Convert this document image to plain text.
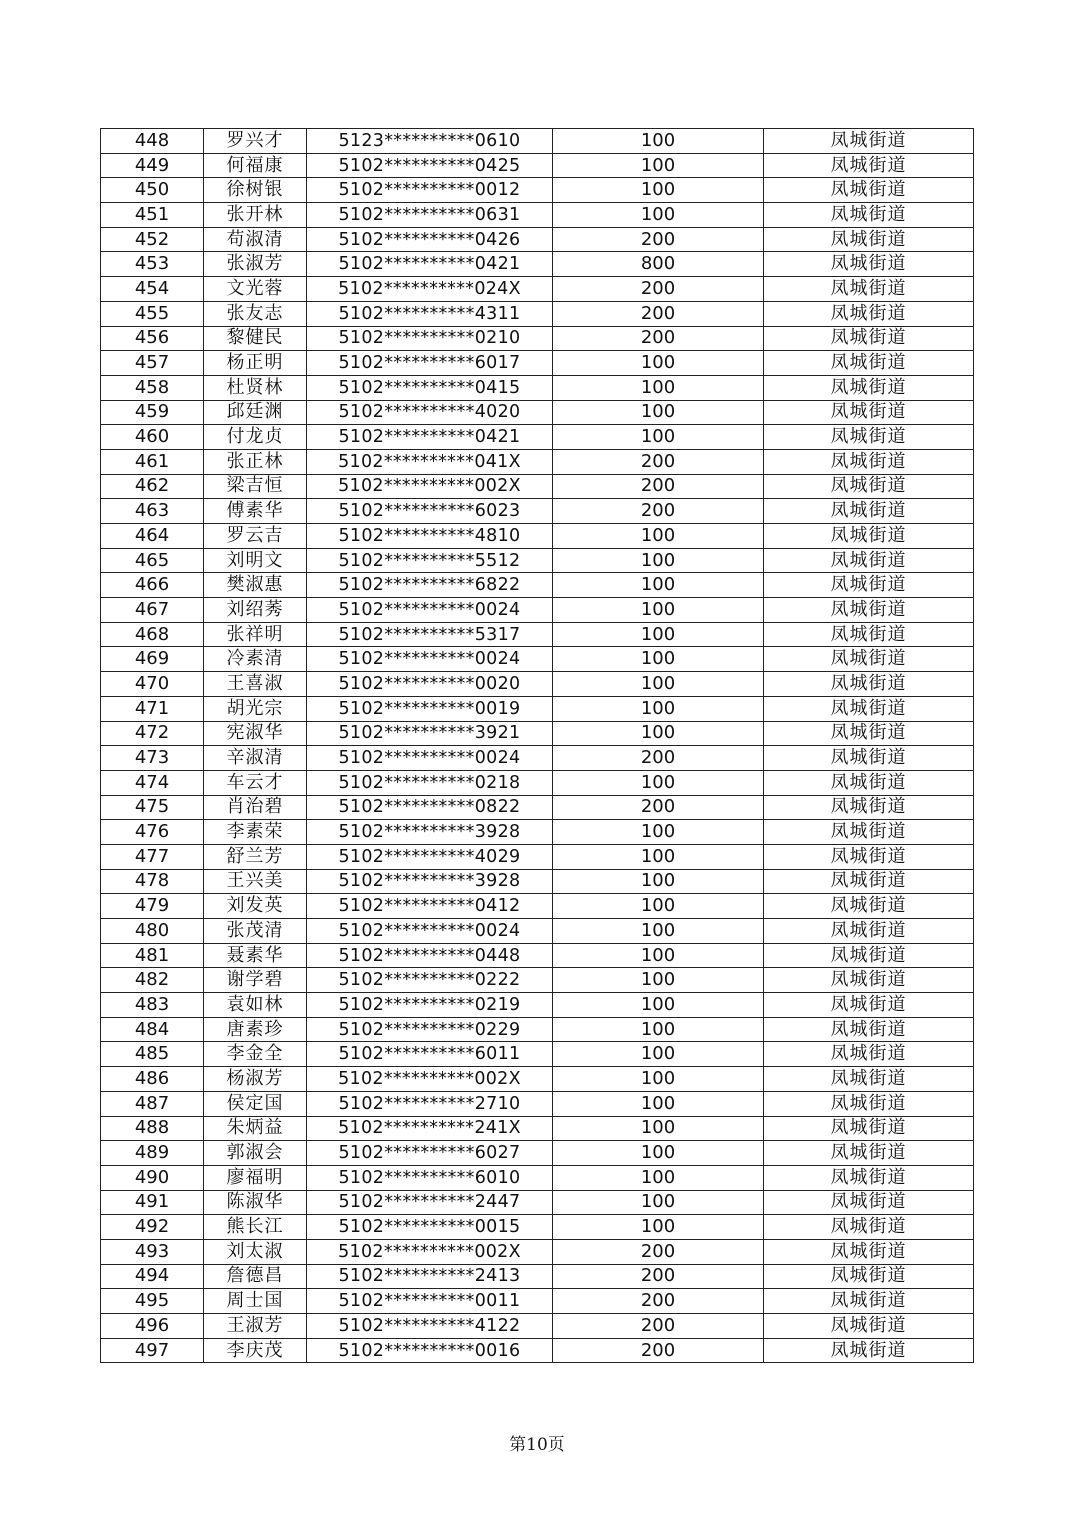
448	罗兴才	5123**********0610	100	凤城街道
449	何福康	5102**********0425	100	凤城街道
450	徐树银	5102**********0012	100	凤城街道
451	张开林	5102**********0631	100	凤城街道
452	苟淑清	5102**********0426	200	凤城街道
453	张淑芳	5102**********0421	800	凤城街道
454	文光蓉	5102**********024X	200	凤城街道
455	张友志	5102**********4311	200	凤城街道
456	黎健民	5102**********0210	200	凤城街道
457	杨正明	5102**********6017	100	凤城街道
458	杜贤林	5102**********0415	100	凤城街道
459	邱廷渊	5102**********4020	100	凤城街道
460	付龙贞	5102**********0421	100	凤城街道
461	张正林	5102**********041X	200	凤城街道
462	梁吉恒	5102**********002X	200	凤城街道
463	傅素华	5102**********6023	200	凤城街道
464	罗云吉	5102**********4810	100	凤城街道
465	刘明文	5102**********5512	100	凤城街道
466	樊淑惠	5102**********6822	100	凤城街道
467	刘绍莠	5102**********0024	100	凤城街道
468	张祥明	5102**********5317	100	凤城街道
469	冷素清	5102**********0024	100	凤城街道
470	王喜淑	5102**********0020	100	凤城街道
471	胡光宗	5102**********0019	100	凤城街道
472	宪淑华	5102**********3921	100	凤城街道
473	辛淑清	5102**********0024	200	凤城街道
474	车云才	5102**********0218	100	凤城街道
475	肖治碧	5102**********0822	200	凤城街道
476	李素荣	5102**********3928	100	凤城街道
477	舒兰芳	5102**********4029	100	凤城街道
478	王兴美	5102**********3928	100	凤城街道
479	刘发英	5102**********0412	100	凤城街道
480	张茂清	5102**********0024	100	凤城街道
481	聂素华	5102**********0448	100	凤城街道
482	谢学碧	5102**********0222	100	凤城街道
483	袁如林	5102**********0219	100	凤城街道
484	唐素珍	5102**********0229	100	凤城街道
485	李金全	5102**********6011	100	凤城街道
486	杨淑芳	5102**********002X	100	凤城街道
487	侯定国	5102**********2710	100	凤城街道
488	朱炳益	5102**********241X	100	凤城街道
489	郭淑会	5102**********6027	100	凤城街道
490	廖福明	5102**********6010	100	凤城街道
491	陈淑华	5102**********2447	100	凤城街道
492	熊长江	5102**********0015	100	凤城街道
493	刘太淑	5102**********002X	200	凤城街道
494	詹德昌	5102**********2413	200	凤城街道
495	周士国	5102**********0011	200	凤城街道
496	王淑芳	5102**********4122	200	凤城街道
497	李庆茂	5102**********0016	200	凤城街道
第10页
